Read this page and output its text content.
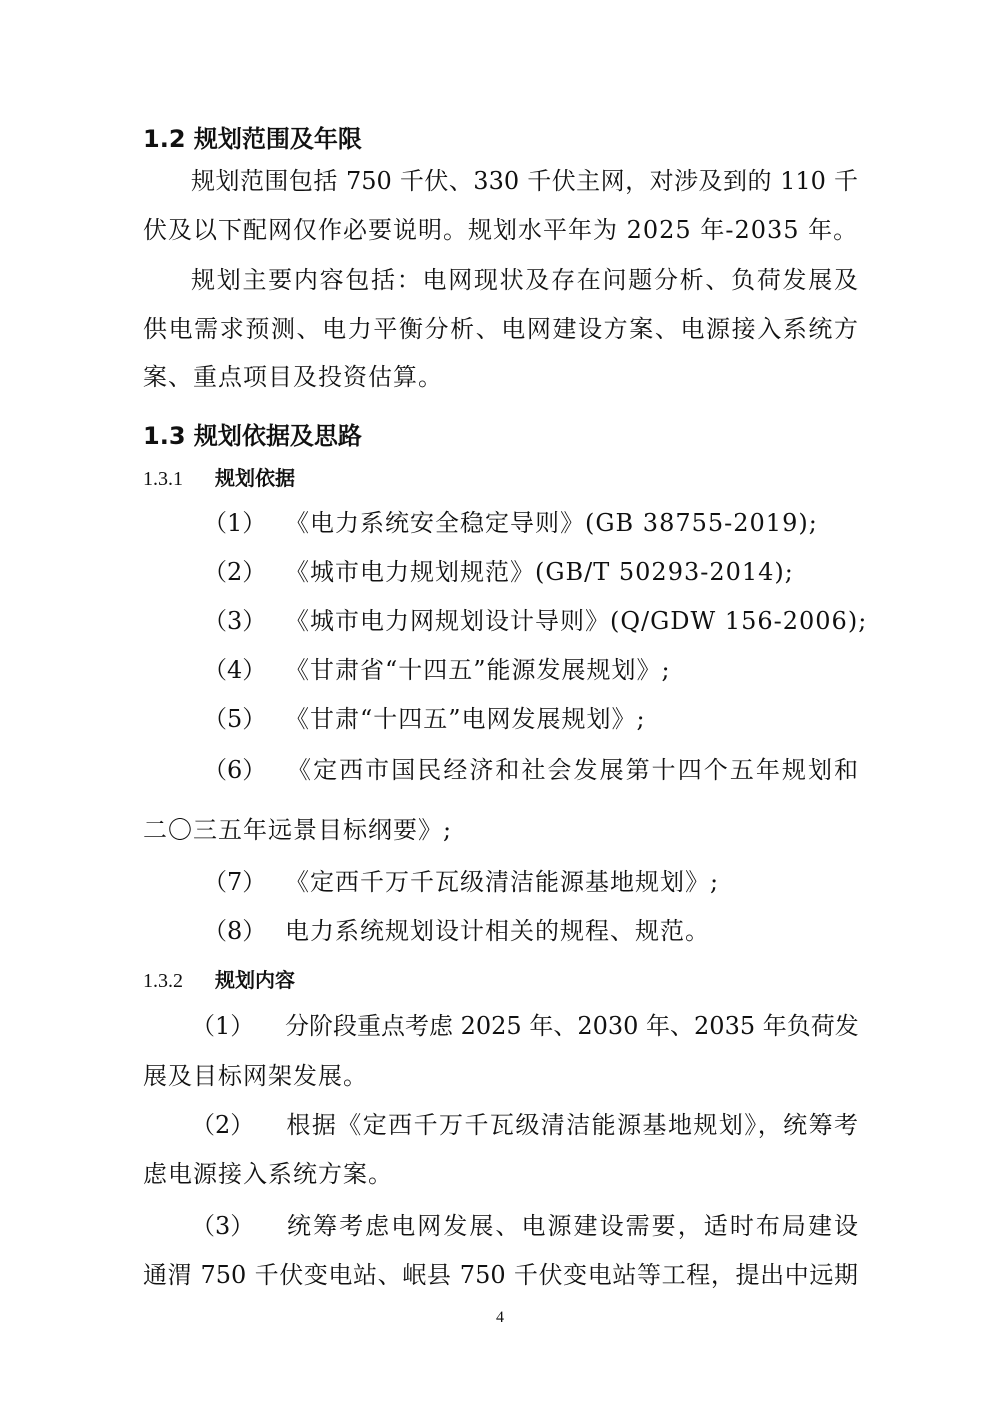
1.2 规划范围及年限
规划范围包括 750 千伏、330 千伏主网，对涉及到的 110 千
伏及以下配网仅作必要说明。规划水平年为 2025 年-2035 年。
规划主要内容包括：电网现状及存在问题分析、负荷发展及
供电需求预测、电力平衡分析、电网建设方案、电源接入系统方
案、重点项目及投资估算。
1.3 规划依据及思路
1.3.1 规划依据
（1） 《电力系统安全稳定导则》(GB 38755-2019);
（2） 《城市电力规划规范》(GB/T 50293-2014);
（3） 《城市电力网规划设计导则》(Q/GDW 156-2006);
（4） 《甘肃省“十四五”能源发展规划》;
（5） 《甘肃“十四五”电网发展规划》;
（6） 《定西市国民经济和社会发展第十四个五年规划和
二〇三五年远景目标纲要》;
（7） 《定西千万千瓦级清洁能源基地规划》;
（8） 电力系统规划设计相关的规程、规范。
1.3.2 规划内容
（1） 分阶段重点考虑 2025 年、2030 年、2035 年负荷发
展及目标网架发展。
（2） 根据《定西千万千瓦级清洁能源基地规划》，统筹考
虑电源接入系统方案。
（3） 统筹考虑电网发展、电源建设需要，适时布局建设
通渭 750 千伏变电站、岷县 750 千伏变电站等工程，提出中远期
4
